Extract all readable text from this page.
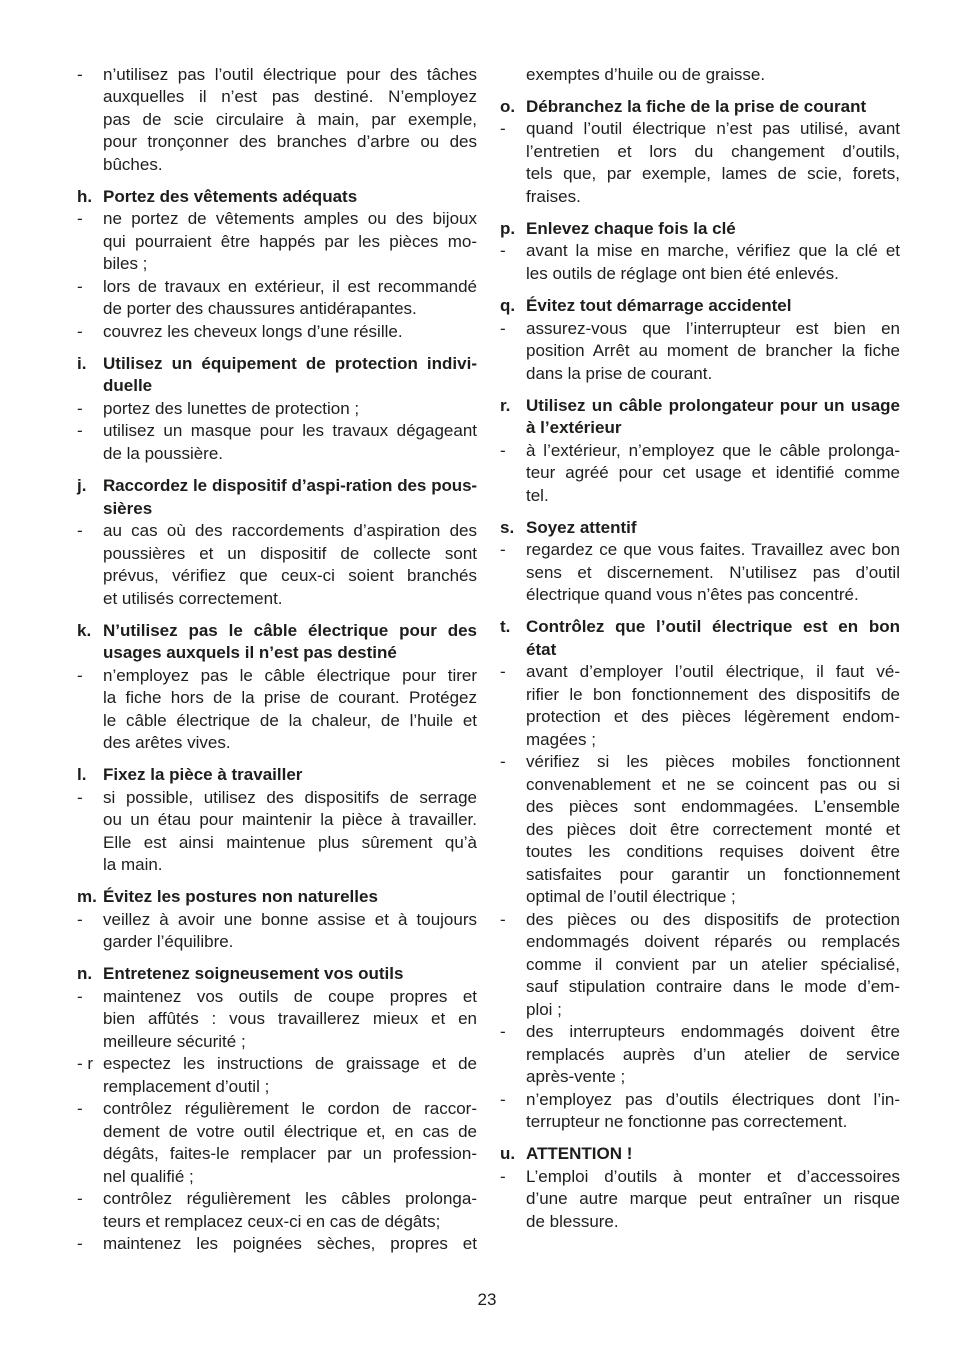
-	n’utilisez pas l’outil électrique pour des tâches
auxquelles il n’est pas destiné. N’employez
pas de scie circulaire à main, par exemple,
pour tronçonner des branches d’arbre ou des
bûches.
h. Portez des vêtements adéquats
-	ne portez de vêtements amples ou des bijoux
qui pourraient être happés par les pièces mo-
biles ;
-	lors de travaux en extérieur, il est recommandé
de porter des chaussures antidérapantes.
-	couvrez les cheveux longs d’une résille.
i. Utilisez un équipement de protection indivi-
duelle
-	portez des lunettes de protection ;
-	utilisez un masque pour les travaux dégageant
de la poussière.
j. Raccordez le dispositif d’aspi-ration des pous-
sières
-	au cas où des raccordements d’aspiration des
poussières et un dispositif de collecte sont
prévus, vérifiez que ceux-ci soient branchés
et utilisés correctement.
k. N’utilisez pas le câble électrique pour des
usages auxquels il n’est pas destiné
-	n’employez pas le câble électrique pour tirer
la fiche hors de la prise de courant. Protégez
le câble électrique de la chaleur, de l’huile et
des arêtes vives.
l. Fixez la pièce à travailler
-	si possible, utilisez des dispositifs de serrage
ou un étau pour maintenir la pièce à travailler.
Elle est ainsi maintenue plus sûrement qu’à
la main.
m. Évitez les postures non naturelles
-	veillez à avoir une bonne assise et à toujours
garder l’équilibre.
n. Entretenez soigneusement vos outils
-	maintenez vos outils de coupe propres et
bien affûtés : vous travaillerez mieux et en
meilleure sécurité ;
- r espectez les instructions de graissage et de
remplacement d’outil ;
-	contrôlez régulièrement le cordon de raccor-
dement de votre outil électrique et, en cas de
dégâts, faites-le remplacer par un profession-
nel qualifié ;
-	contrôlez régulièrement les câbles prolonga-
teurs et remplacez ceux-ci en cas de dégâts;
-	maintenez les poignées sèches, propres et
exemptes d’huile ou de graisse.
o. Débranchez la fiche de la prise de courant
-	quand l’outil électrique n’est pas utilisé, avant
l’entretien et lors du changement d’outils,
tels que, par exemple, lames de scie, forets,
fraises.
p. Enlevez chaque fois la clé
-	avant la mise en marche, vérifiez que la clé et
les outils de réglage ont bien été enlevés.
q. Évitez tout démarrage accidentel
-	assurez-vous que l’interrupteur est bien en
position Arrêt au moment de brancher la fiche
dans la prise de courant.
r. Utilisez un câble prolongateur pour un usage
à l’extérieur
-	à l’extérieur, n’employez que le câble prolonga-
teur agréé pour cet usage et identifié comme
tel.
s. Soyez attentif
-	regardez ce que vous faites. Travaillez avec bon
sens et discernement. N’utilisez pas d’outil
électrique quand vous n’êtes pas concentré.
t. Contrôlez que l’outil électrique est en bon
état
-	avant d’employer l’outil électrique, il faut vé-
rifier le bon fonctionnement des dispositifs de
protection et des pièces légèrement endom-
magées ;
-	vérifiez si les pièces mobiles fonctionnent
convenablement et ne se coincent pas ou si
des pièces sont endommagées. L’ensemble
des pièces doit être correctement monté et
toutes les conditions requises doivent être
satisfaites pour garantir un fonctionnement
optimal de l’outil électrique ;
-	des pièces ou des dispositifs de protection
endommagés doivent réparés ou remplacés
comme il convient par un atelier spécialisé,
sauf stipulation contraire dans le mode d’em-
ploi ;
-	des interrupteurs endommagés doivent être
remplacés auprès d’un atelier de service
après-vente ;
-	n’employez pas d’outils électriques dont l’in-
terrupteur ne fonctionne pas correctement.
u. ATTENTION !
-	L’emploi d’outils à monter et d’accessoires
d’une autre marque peut entraîner un risque
de blessure.
23
